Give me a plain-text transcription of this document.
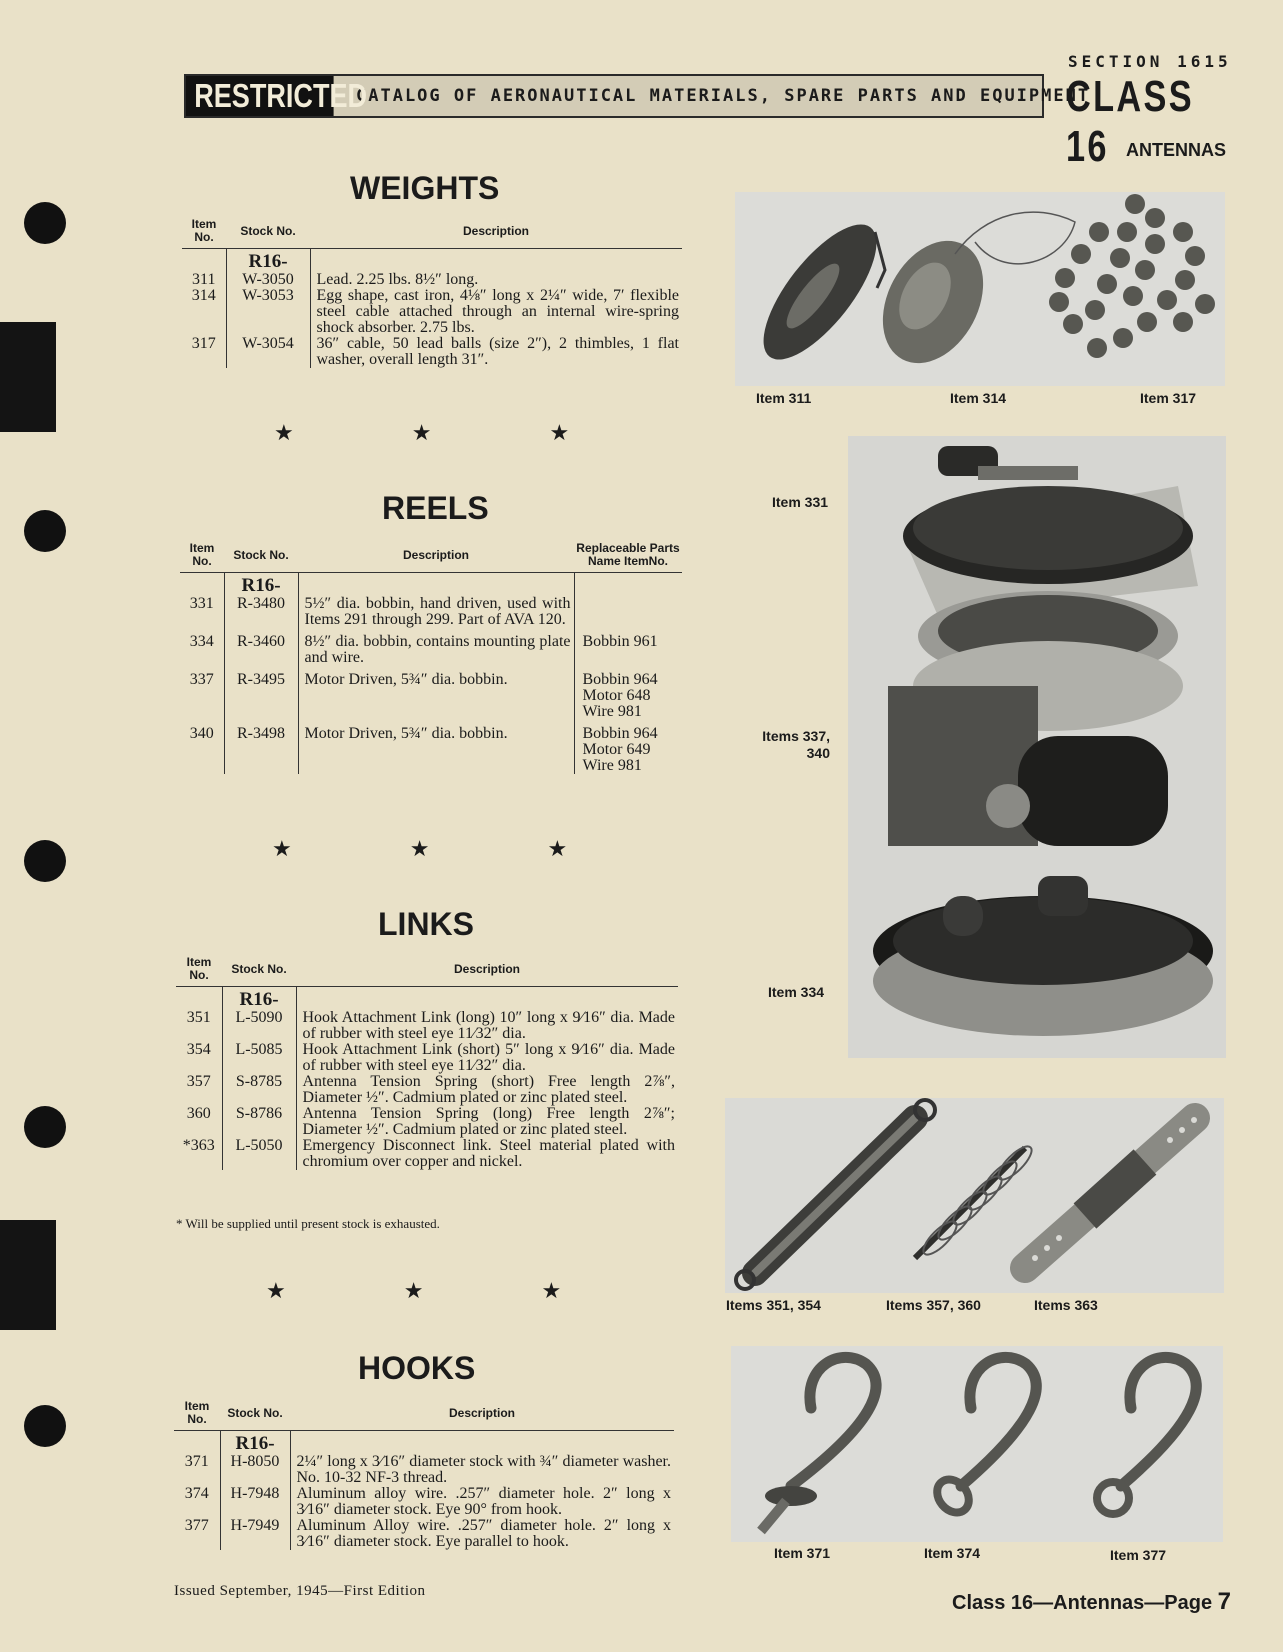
RESTRICTED
CATALOG OF AERONAUTICAL MATERIALS, SPARE PARTS AND EQUIPMENT
SECTION 1615
CLASS 16 ANTENNAS
WEIGHTS
Item No.	Stock No.	Description
	R16-	
311	W-3050	Lead. 2.25 lbs. 8½″ long.
314	W-3053	Egg shape, cast iron, 4⅛″ long x 2¼″ wide, 7′ flexible steel cable attached through an internal wire-spring shock absorber. 2.75 lbs.
317	W-3054	36″ cable, 50 lead balls (size 2″), 2 thimbles, 1 flat washer, overall length 31″.
★	★	★
REELS
Item No.	Stock No.	Description	Replaceable Parts
Name ItemNo.

	R16-		
331	R-3480	5½″ dia. bobbin, hand driven, used with Items 291 through 299. Part of AVA 120.	
334	R-3460	8½″ dia. bobbin, contains mounting plate and wire.	Bobbin 961

337	R-3495	Motor Driven, 5¾″ dia. bobbin.	Bobbin 964
Motor 648
Wire 981

340	R-3498	Motor Driven, 5¾″ dia. bobbin.	Bobbin 964
Motor 649
Wire 981
★	★	★
LINKS
Item No.	Stock No.	Description
	R16-	
351	L-5090	Hook Attachment Link (long) 10″ long x 9⁄16″ dia. Made of rubber with steel eye 11⁄32″ dia.
354	L-5085	Hook Attachment Link (short) 5″ long x 9⁄16″ dia. Made of rubber with steel eye 11⁄32″ dia.
357	S-8785	Antenna Tension Spring (short) Free length 2⅞″, Diameter ½″. Cadmium plated or zinc plated steel.
360	S-8786	Antenna Tension Spring (long) Free length 2⅞″; Diameter ½″. Cadmium plated or zinc plated steel.
*363	L-5050	Emergency Disconnect link. Steel material plated with chromium over copper and nickel.
* Will be supplied until present stock is exhausted.
★	★	★
HOOKS
Item No.	Stock No.	Description
	R16-	
371	H-8050	2¼″ long x 3⁄16″ diameter stock with ¾″ diameter washer. No. 10-32 NF-3 thread.
374	H-7948	Aluminum alloy wire. .257″ diameter hole. 2″ long x 3⁄16″ diameter stock. Eye 90° from hook.
377	H-7949	Aluminum Alloy wire. .257″ diameter hole. 2″ long x 3⁄16″ diameter stock. Eye parallel to hook.
Issued September, 1945—First Edition
Class 16—Antennas—Page 7
Item 311	Item 314	Item 317
Item 331
Items 337, 340
Item 334
Items 351, 354	Items 357, 360	Items 363
Item 371	Item 374	Item 377
